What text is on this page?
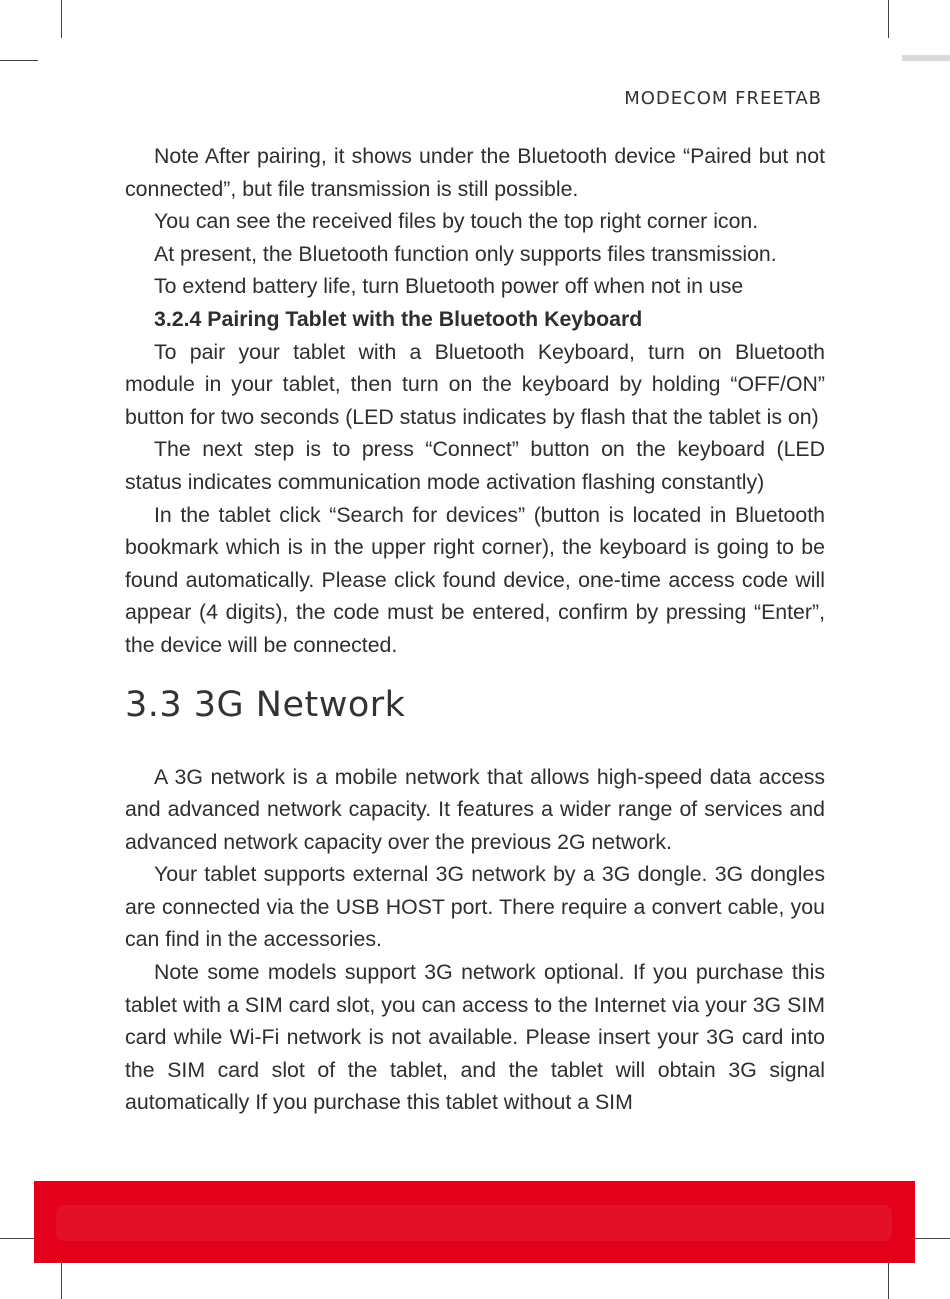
MODECOM FREETAB

Note After pairing, it shows under the Bluetooth device “Paired but not connected”, but file transmission is still possible.

You can see the received files by touch the top right corner icon.

At present, the Bluetooth function only supports files transmission.

To extend battery life, turn Bluetooth power off when not in use

3.2.4 Pairing Tablet with the Bluetooth Keyboard

To pair your tablet with a Bluetooth Keyboard, turn on Bluetooth module in your tablet, then turn on the keyboard by holding “OFF/ON” button for two seconds (LED status indicates by flash that the tablet is on)

The next step is to press “Connect” button on the keyboard (LED status indicates communication mode activation flashing constantly)

In the tablet click “Search for devices” (button is located in Bluetooth bookmark which is in the upper right corner), the keyboard is going to be found automatically. Please click found device, one-time access code will appear (4 digits), the code must be entered, confirm by pressing “Enter”, the device will be connected.

3.3 3G Network

A 3G network is a mobile network that allows high-speed data access and advanced network capacity. It features a wider range of services and advanced network capacity over the previous 2G network.

Your tablet supports external 3G network by a 3G dongle. 3G dongles are connected via the USB HOST port. There require a convert cable, you can find in the accessories.

Note some models support 3G network optional. If you purchase this tablet with a SIM card slot, you can access to the Internet via your 3G SIM card while Wi-Fi network is not available. Please insert your 3G card into the SIM card slot of the tablet, and the tablet will obtain 3G signal automatically If you purchase this tablet without a SIM
